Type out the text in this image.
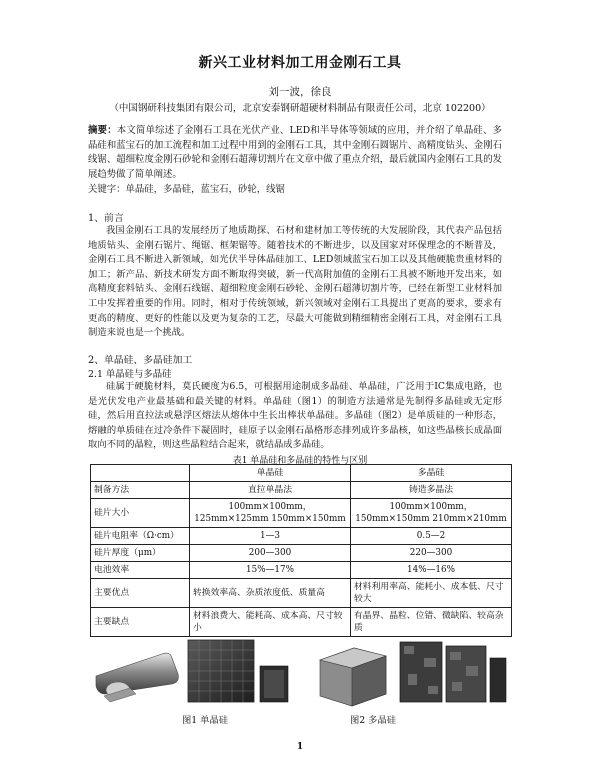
新兴工业材料加工用金刚石工具
刘一波，徐良
（中国钢研科技集团有限公司，北京安泰钢研超硬材料制品有限责任公司，北京 102200）
摘要：本文简单综述了金刚石工具在光伏产业、LED和半导体等领域的应用，并介绍了单晶硅、多晶硅和蓝宝石的加工流程和加工过程中用到的金刚石工具，其中金刚石圆锯片、高精度钻头、金刚石线锯、超细粒度金刚石砂轮和金刚石超薄切割片在文章中做了重点介绍，最后就国内金刚石工具的发展趋势做了简单阐述。
关键字：单晶硅，多晶硅，蓝宝石，砂轮，线锯
1、前言
我国金刚石工具的发展经历了地质勘探、石材和建材加工等传统的大发展阶段，其代表产品包括地质钻头、金刚石锯片、绳锯、框架锯等。随着技术的不断进步，以及国家对环保理念的不断普及，金刚石工具不断进入新领域，如光伏半导体晶硅加工、LED领域蓝宝石加工以及其他硬脆贵重材料的加工；新产品、新技术研发方面不断取得突破，新一代高附加值的金刚石工具被不断地开发出来，如高精度套料钻头、金刚石线锯、超细粒度金刚石砂轮、金刚石超薄切割片等，已经在新型工业材料加工中发挥着重要的作用。同时，相对于传统领域，新兴领域对金刚石工具提出了更高的要求，要求有更高的精度、更好的性能以及更为复杂的工艺，尽最大可能做到精细精密金刚石工具，对金刚石工具制造来说也是一个挑战。
2、单晶硅、多晶硅加工
2.1 单晶硅与多晶硅
硅属于硬脆材料，莫氏硬度为6.5，可根据用途制成多晶硅、单晶硅，广泛用于IC集成电路，也是光伏发电产业最基础和最关键的材料。单晶硅（图1）的制造方法通常是先制得多晶硅或无定形硅，然后用直拉法或悬浮区熔法从熔体中生长出棒状单晶硅。多晶硅（图2）是单质硅的一种形态，熔融的单质硅在过冷条件下凝固时，硅原子以金刚石晶格形态排列成许多晶核，如这些晶核长成晶面取向不同的晶粒，则这些晶粒结合起来，就结晶成多晶硅。
表1 单晶硅和多晶硅的特性与区别
	单晶硅	多晶硅
制备方法	直拉单晶法	铸造多晶法
硅片大小	100mm×100mm，125mm×125mm 150mm×150mm	100mm×100mm，150mm×150mm 210mm×210mm
硅片电阻率（Ω·cm）	1—3	0.5—2
硅片厚度（μm）	200—300	220—300
电池效率	15%—17%	14%—16%
主要优点	转换效率高、杂质浓度低、质量高	材料利用率高、能耗小、成本低、尺寸较大
主要缺点	材料浪费大、能耗高、成本高、尺寸较小	有晶界、晶粒、位错、微缺陷、较高杂质
图1 单晶硅	图2 多晶硅
1
